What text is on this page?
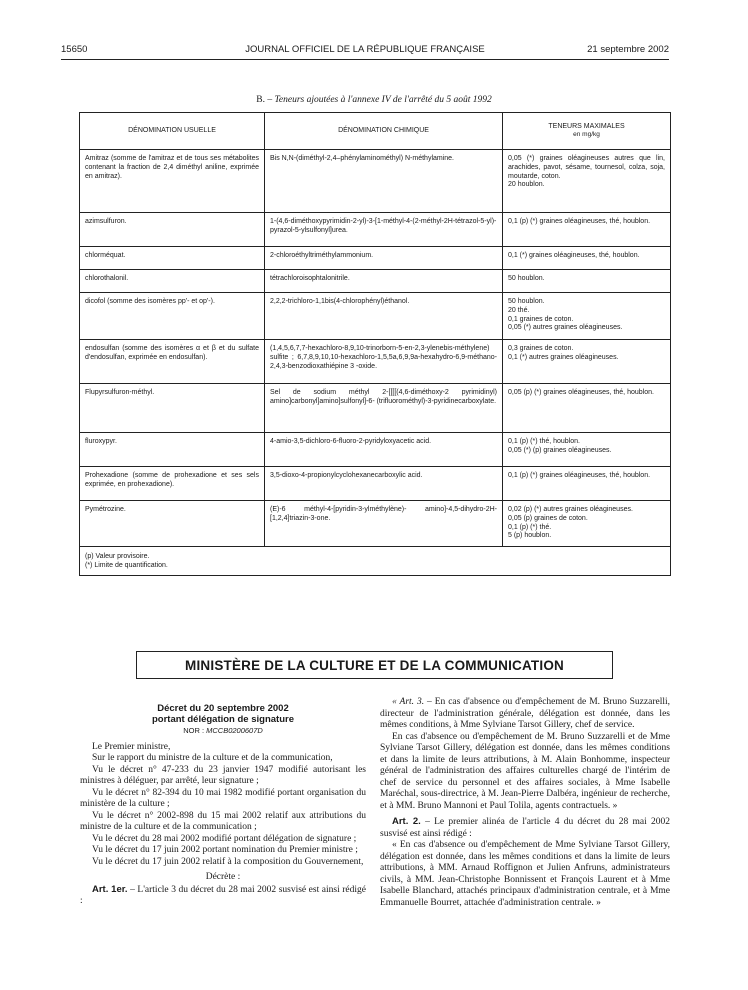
15650	JOURNAL OFFICIEL DE LA RÉPUBLIQUE FRANÇAISE	21 septembre 2002
B. – Teneurs ajoutées à l'annexe IV de l'arrêté du 5 août 1992
DÉNOMINATION USUELLE	DÉNOMINATION CHIMIQUE	TENEURS MAXIMALES
en mg/kg

Amitraz (somme de l'amitraz et de tous ses métabolites contenant la fraction de 2,4 diméthyl aniline, exprimée en amitraz).	Bis N,N-(diméthyl-2,4–phénylaminométhyl) N-méthylamine.	0,05 (*) graines oléagineuses autres que lin, arachides, pavot, sésame, tournesol, colza, soja, moutarde, coton.
20 houblon.

azimsulfuron.	1-(4,6-diméthoxypyrimidin-2-yl)-3-[1-méthyl-4-(2-méthyl-2H-tétrazol-5-yl)-pyrazol-5-ylsulfonyl]urea.	0,1 (p) (*) graines oléagineuses, thé, houblon.

chlorméquat.	2-chloroéthyltriméthylammonium.	0,1 (*) graines oléagineuses, thé, houblon.

chlorothalonil.	tétrachloroisophtalonitrile.	50 houblon.

dicofol (somme des isomères pp'- et op'-).	2,2,2-trichloro-1,1bis(4-chlorophényl)éthanol.	50 houblon.
20 thé.
0,1 graines de coton.
0,05 (*) autres graines oléagineuses.

endosulfan (somme des isomères α et β et du sulfate d'endosulfan, exprimée en endosulfan).	(1,4,5,6,7,7-hexachloro-8,9,10-trinorborn-5-en-2,3-ylenebis-méthylene) sulfite ; 6,7,8,9,10,10-hexachloro-1,5,5a,6,9,9a-hexahydro-6,9-méthano-2,4,3-benzodioxathiépine 3 -oxide.	0,3 graines de coton.
0,1 (*) autres graines oléagineuses.

Flupyrsulfuron-méthyl.	Sel de sodium méthyl 2-[[[[(4,6-diméthoxy-2 pyrimidinyl) amino]carbonyl]amino]sulfonyl]-6- (trifluorométhyl)-3-pyridinecarboxylate.	0,05 (p) (*) graines oléagineuses, thé, houblon.

fluroxypyr.	4-amio-3,5-dichloro-6-fluoro-2-pyridyloxyacetic acid.	0,1 (p) (*) thé, houblon.
0,05 (*) (p) graines oléagineuses.

Prohexadione (somme de prohexadione et ses sels exprimée, en prohexadione).	3,5-dioxo-4-propionylcyclohexanecarboxylic acid.	0,1 (p) (*) graines oléagineuses, thé, houblon.

Pymétrozine.	(E)-6 méthyl-4-[pyridin-3-ylméthylène)- amino]-4,5-dihydro-2H-[1,2,4]triazin-3-one.	0,02 (p) (*) autres graines oléagineuses.
0,05 (p) graines de coton.
0,1 (p) (*) thé.
5 (p) houblon.

(p) Valeur provisoire.
(*) Limite de quantification.		
MINISTÈRE DE LA CULTURE ET DE LA COMMUNICATION
Décret du 20 septembre 2002
portant délégation de signature
NOR : MCCB0200607D

Le Premier ministre,

Sur le rapport du ministre de la culture et de la communication,

Vu le décret n° 47-233 du 23 janvier 1947 modifié autorisant les ministres à déléguer, par arrêté, leur signature ;

Vu le décret n° 82-394 du 10 mai 1982 modifié portant organisation du ministère de la culture ;

Vu le décret n° 2002-898 du 15 mai 2002 relatif aux attributions du ministre de la culture et de la communication ;

Vu le décret du 28 mai 2002 modifié portant délégation de signature ;

Vu le décret du 17 juin 2002 portant nomination du Premier ministre ;

Vu le décret du 17 juin 2002 relatif à la composition du Gouvernement,

Décrète :

Art. 1er. – L'article 3 du décret du 28 mai 2002 susvisé est ainsi rédigé :

« Art. 3. – En cas d'absence ou d'empêchement de M. Bruno Suzzarelli, directeur de l'administration générale, délégation est donnée, dans les mêmes conditions, à Mme Sylviane Tarsot Gillery, chef de service.

En cas d'absence ou d'empêchement de M. Bruno Suzzarelli et de Mme Sylviane Tarsot Gillery, délégation est donnée, dans les mêmes conditions et dans la limite de leurs attributions, à M. Alain Bonhomme, inspecteur général de l'administration des affaires culturelles chargé de l'intérim de chef de service du personnel et des affaires sociales, à Mme Isabelle Maréchal, sous-directrice, à M. Jean-Pierre Dalbéra, ingénieur de recherche, et à MM. Bruno Mannoni et Paul Tolila, agents contractuels. »

Art. 2. – Le premier alinéa de l'article 4 du décret du 28 mai 2002 susvisé est ainsi rédigé :

« En cas d'absence ou d'empêchement de Mme Sylviane Tarsot Gillery, délégation est donnée, dans les mêmes conditions et dans la limite de leurs attributions, à MM. Arnaud Roffignon et Julien Anfruns, administrateurs civils, à MM. Jean-Christophe Bonnissent et François Laurent et à Mme Isabelle Blanchard, attachés principaux d'administration centrale, et à Mme Emmanuelle Bourret, attachée d'administration centrale. »
